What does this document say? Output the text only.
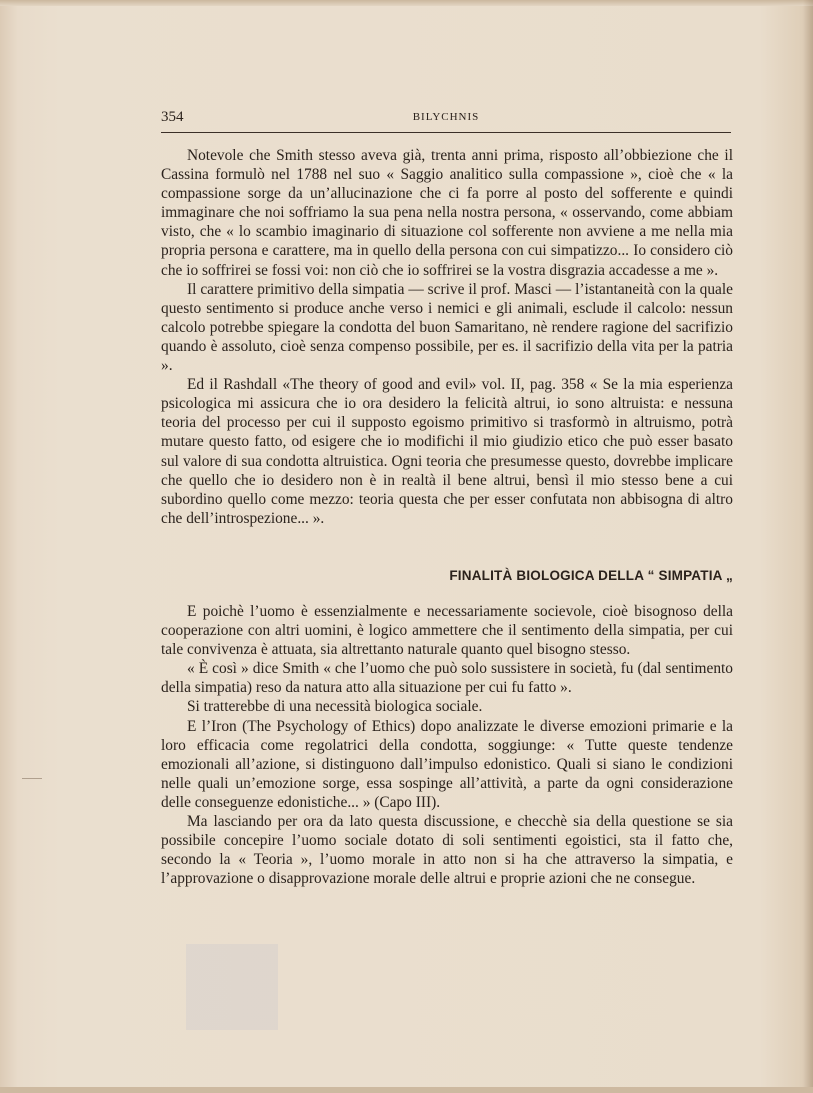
354	BILYCHNIS

Notevole che Smith stesso aveva già, trenta anni prima, risposto all’obbiezione che il Cassina formulò nel 1788 nel suo « Saggio analitico sulla compassione », cioè che « la compassione sorge da un’allucinazione che ci fa porre al posto del sofferente e quindi immaginare che noi soffriamo la sua pena nella nostra persona, « osservando, come abbiam visto, che « lo scambio imaginario di situazione col sofferente non avviene a me nella mia propria persona e carattere, ma in quello della persona con cui simpatizzo... Io considero ciò che io soffrirei se fossi voi: non ciò che io soffrirei se la vostra disgrazia accadesse a me ».

Il carattere primitivo della simpatia — scrive il prof. Masci — l’istantaneità con la quale questo sentimento si produce anche verso i nemici e gli animali, esclude il calcolo: nessun calcolo potrebbe spiegare la condotta del buon Samaritano, nè rendere ragione del sacrifizio quando è assoluto, cioè senza compenso possibile, per es. il sacrifizio della vita per la patria ».

Ed il Rashdall «The theory of good and evil» vol. II, pag. 358 « Se la mia esperienza psicologica mi assicura che io ora desidero la felicità altrui, io sono altruista: e nessuna teoria del processo per cui il supposto egoismo primitivo si trasformò in altruismo, potrà mutare questo fatto, od esigere che io modifichi il mio giudizio etico che può esser basato sul valore di sua condotta altruistica. Ogni teoria che presumesse questo, dovrebbe implicare che quello che io desidero non è in realtà il bene altrui, bensì il mio stesso bene a cui subordino quello come mezzo: teoria questa che per esser confutata non abbisogna di altro che dell’introspezione... ».

FINALITÀ BIOLOGICA DELLA “ SIMPATIA „

E poichè l’uomo è essenzialmente e necessariamente socievole, cioè bisognoso della cooperazione con altri uomini, è logico ammettere che il sentimento della simpatia, per cui tale convivenza è attuata, sia altrettanto naturale quanto quel bisogno stesso.

« È così » dice Smith « che l’uomo che può solo sussistere in società, fu (dal sentimento della simpatia) reso da natura atto alla situazione per cui fu fatto ».

Si tratterebbe di una necessità biologica sociale.

E l’Iron (The Psychology of Ethics) dopo analizzate le diverse emozioni primarie e la loro efficacia come regolatrici della condotta, soggiunge: « Tutte queste tendenze emozionali all’azione, si distinguono dall’impulso edonistico. Quali si siano le condizioni nelle quali un’emozione sorge, essa sospinge all’attività, a parte da ogni considerazione delle conseguenze edonistiche... » (Capo III).

Ma lasciando per ora da lato questa discussione, e checchè sia della questione se sia possibile concepire l’uomo sociale dotato di soli sentimenti egoistici, sta il fatto che, secondo la « Teoria », l’uomo morale in atto non si ha che attraverso la simpatia, e l’approvazione o disapprovazione morale delle altrui e proprie azioni che ne consegue.
